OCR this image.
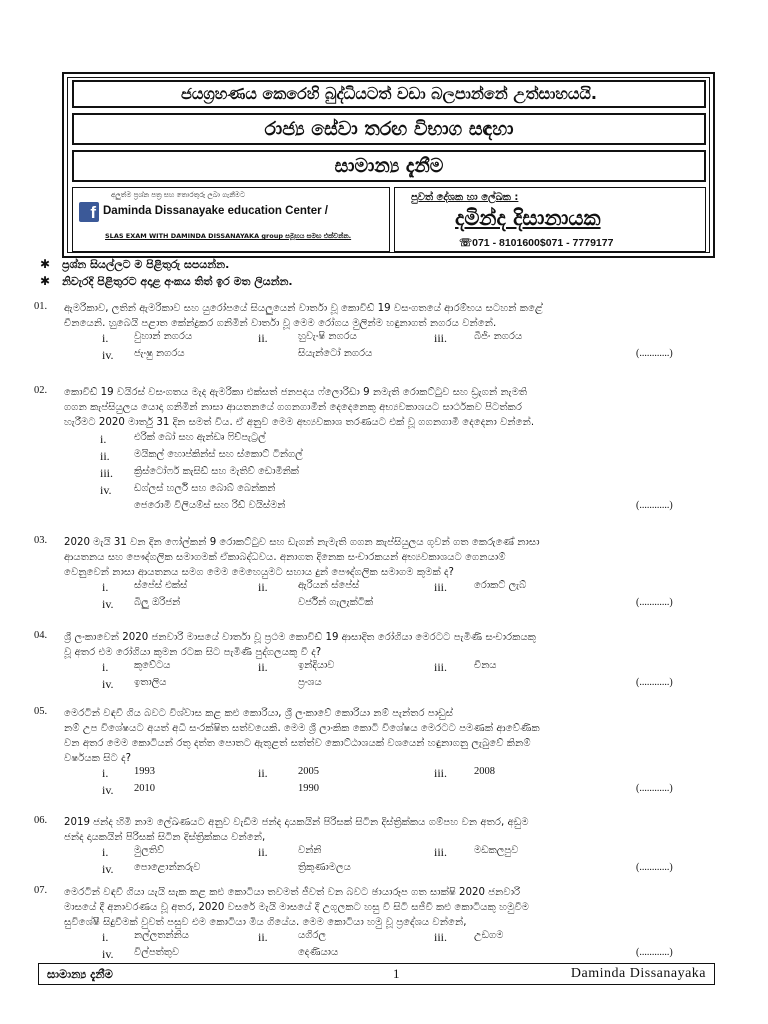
ජයග්‍රහණය කෙරෙහි බුද්ධියටත් වඩා බලපාන්නේ උත්සාහයයි.
රාජ්‍ය සේවා තරඟ විභාග සඳහා
සාමාන්‍ය දැනීම
අලුත්ම ප්‍රශ්න පත්‍ර සහ තොරතුරු ලබා ගැනීමට
f Daminda Dissanayake education Center /
SLAS EXAM WITH DAMINDA DISSANAYAKA group සමූහය සමඟ එක්වන්න.
පුවත් දේශක හා ලේඛක :
දමින්ද දිසානායක
☏071 - 8101600$071 - 7779177
✱ ප්‍රශ්න සියල්ලට ම පිළිතුරු සපයන්න.
✱ නිවැරදි පිළිතුරට අදාළ අංකය තිත් ඉර මත ලියන්න.
01. ඇමරිකාව, ලතින් ඇමරිකාව සහ යුරෝපයේ සියලුයෙන් වාර්තා වූ කොවිඩ් 19 වසංගතයේ ආරම්භය සටහන් කළේ
චීනයෙනි. හුබෙයි පළාත කේන්ද්‍රකර ගනිමින් වාර්තා වූ මෙම රෝගය මුලින්ම හඳුනාගත් නගරය වන්නේ.
i.	වුහාන් නගරය	ii.	හුවැංෂි නගරය	iii.	බීජිං නගරය
iv. ජැංෂු නගරය	සියැන්ටෝ නගරය	(............)
02. කොවිඩ් 19 වයිරස් වසංගතය මැද ඇමරිකා එක්සත් ජනපදය ෆ්ලොරිඩා 9 නමැති රොකට්ටුව සහ ඩ්‍රැගන් නැමති
ගගන කැප්සියුලය යොදා ගනිමින් නාසා ආයතනයේ ගගනගාමීන් දෙදෙනෙකු අභ්‍යවකාශයට සාර්ථකව පිටත්කර
හැරීමට 2020 මාර්තු 31 දින සමත් විය. ඒ අනුව මෙම අභ්‍යවකාශ තරණයට එක් වූ ගගනගාමී දෙදෙනා වන්නේ.
i.	එරික් බෝ සහ ඇන්ඩෘ ෆිච්පැට්‍රල්
ii. මයිකල් හොප්කින්ස් සහ ස්කොට් ටින්ගල්
iii. ක්‍රිස්ටෝෆර් කැසිඩ් සහ මැතිව් ඩොමිනික්
iv. ඩග්ලස් හර්ලි සහ බොබ් බෙන්කන්
ජෙරොමි විලියම්ස් සහ රිඩ් වයිස්මන්	(............)
03. 2020 මැයි 31 වන දින ෆෝල්කන් 9 රොකට්ටුව සහ ඩැගන් නැමැති ගගන කැප්සියුලය ගුවන් ගත කෙරුණේ නාසා
ආයතනය සහ පෞද්ගලික සමාගමක් ඒකාබද්ධවය. අනාගත දිනෙක සංචාරකයන් අභ්‍යවකාශයට ගෙනයාම්
වෙනුවෙන් නාසා ආයතනය සමග මෙම මෙහෙයුමට සහාය දුන් පෞද්ගලික සමාගම කුමක් ද?
i.	ස්පේස් එක්ස්	ii.	ඇරියන් ස්පේස්	iii.	රොකට් ලැබ්
iv. බිලු ඔරිජන්	වර්ජින් ගැලැක්ටික්	(............)
04. ශ්‍රී ලංකාවෙන් 2020 ජනවාරි මාසයේ වාර්තා වූ ප්‍රථම කොවිඩ් 19 ආසාදිත රෝගියා මෙරටට පැමිණි සංචාරකයකු
වූ අතර එම රෝගියා කුමන රටක සිට පැමිණි පුද්ගලයකු වී ද?
i.	කුවේටය	ii.	ඉන්දියාව	iii.	චීනය
iv. ඉතාලිය	ප්‍රංශය	(............)
05. මෙරටින් වඳවී ගිය බවට විශ්වාස කළ කළු කොරියා, ශ්‍රී ලංකාවේ කොරියා නම් පැන්තර පාඩුස්
නම් උප විශේෂයට අයත් අධි සංරක්ෂිත සත්වයෙකි. මෙම ශ්‍රී ලාංකික කොටි විශේෂය මෙරටට පමණක් ආවේණික
වන අතර මෙම කොටියන් රතු දත්ත පොතට ඇතුළත් සත්ත්ව කොට්ඨාශයක් වශයෙන් හඳුනාගනු ලැබුවේ කිනම්
වර්ෂයක සිට ද?
i. 1993	ii.	2005	iii.	2008
iv. 2010	1990	(............)
06. 2019 ජන්ද හිමි නාම ලේඛණයට අනුව වැඩිම ජන්ද දායකයින් පිරිසක් සිටින දිස්ත්‍රික්කය ගම්පහ වන අතර, අඩුම
ජන්ද දායකයින් පිරිසක් සිටින දිස්ත්‍රික්කය වන්නේ,
i.	මුලතිව්	ii.	වන්නි	iii.	මඩකලපුව
iv. පොළොන්නරුව	ත්‍රිකුණාමලය	(............)
07. මෙරටින් වඳවී ගියා යැයි සැක කළ කළු කොටියා තවමත් ජීවත් වන බවට ඡායාරූප ගත සාක්ෂි 2020 ජනවාරි
මාසයේ දී අනාවරණය වූ අතර, 2020 වසරේ මැයි මාසයේ දී උගුලකට හසු වී සිටි සජීවී කළු කොටියකු හමුවීම
සුවිශේෂී සිදුවීමක් වුවත් පසුව එම කොටියා මිය ගියේය. මෙම කොටියා හමු වූ ප්‍රදේශය වන්නේ,
i.	නල්ලතන්නිය	ii.	යගිරල	iii.	උඩගම
iv. විල්පත්තුව	දෙණියාය	(............)
සාමාන්‍ය දැනීම	1	Daminda Dissanayaka
